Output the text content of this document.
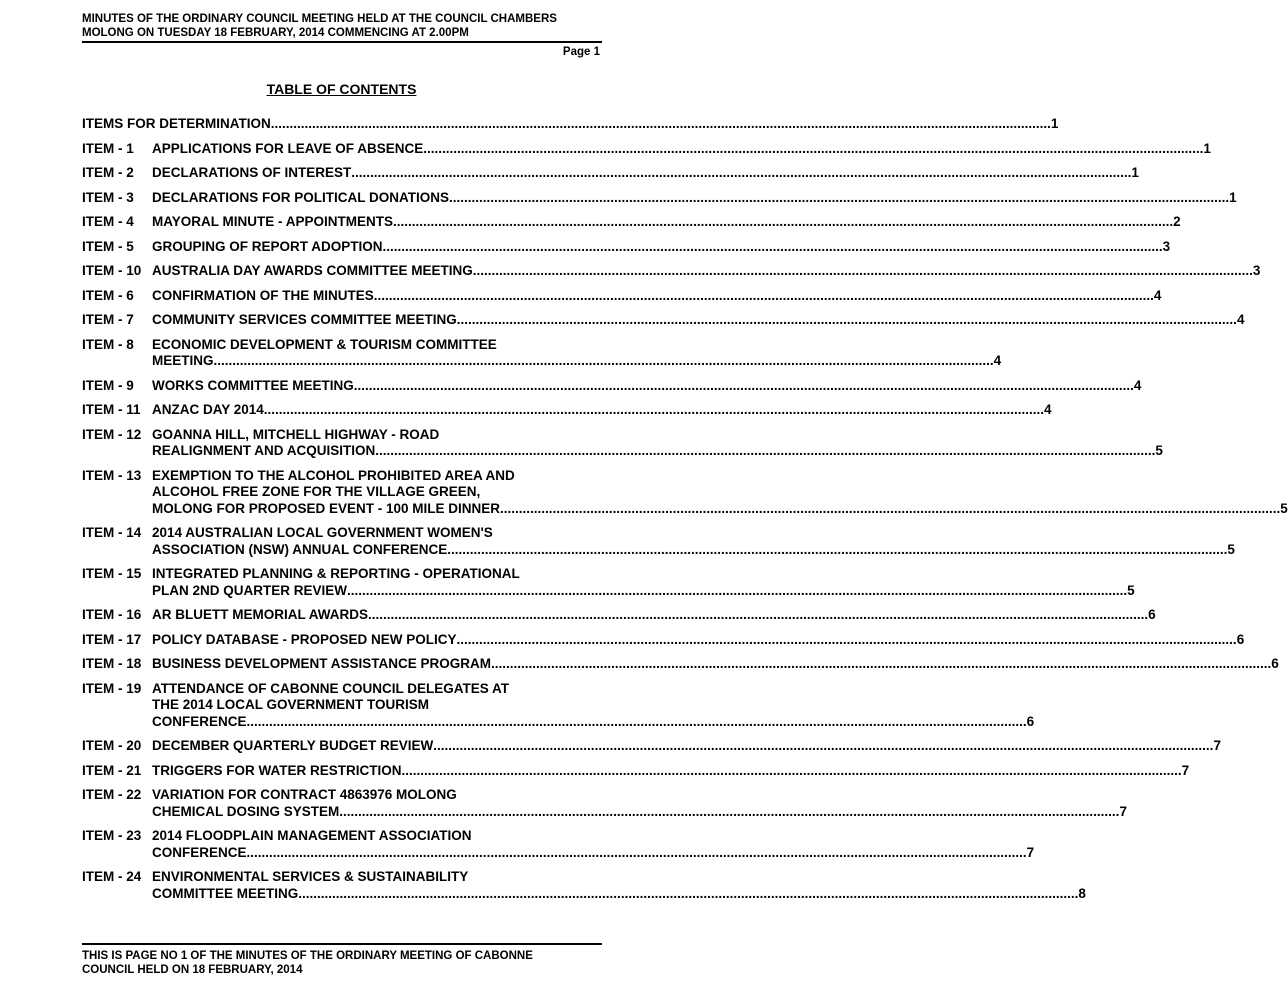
MINUTES OF THE ORDINARY COUNCIL MEETING HELD AT THE COUNCIL CHAMBERS
MOLONG ON TUESDAY 18 FEBRUARY, 2014 COMMENCING AT 2.00PM
Page 1
TABLE OF CONTENTS
ITEMS FOR DETERMINATION .....	1
ITEM - 1	APPLICATIONS FOR LEAVE OF ABSENCE .....	1
ITEM - 2	DECLARATIONS OF INTEREST .....	1
ITEM - 3	DECLARATIONS FOR POLITICAL DONATIONS .....	1
ITEM - 4	MAYORAL MINUTE - APPOINTMENTS .....	2
ITEM - 5	GROUPING OF REPORT ADOPTION .....	3
ITEM - 10 AUSTRALIA DAY AWARDS COMMITTEE MEETING .....	3
ITEM - 6	CONFIRMATION OF THE MINUTES .....	4
ITEM - 7	COMMUNITY SERVICES COMMITTEE MEETING .....	4
ITEM - 8	ECONOMIC DEVELOPMENT & TOURISM COMMITTEE
MEETING .....	4
ITEM - 9	WORKS COMMITTEE MEETING .....	4
ITEM - 11 ANZAC DAY 2014 .....	4
ITEM - 12 GOANNA HILL, MITCHELL HIGHWAY - ROAD
REALIGNMENT AND ACQUISITION .....	5
ITEM - 13 EXEMPTION TO THE ALCOHOL PROHIBITED AREA AND
ALCOHOL FREE ZONE FOR THE VILLAGE GREEN,
MOLONG FOR PROPOSED EVENT - 100 MILE DINNER .....	5
ITEM - 14 2014 AUSTRALIAN LOCAL GOVERNMENT WOMEN'S
ASSOCIATION (NSW) ANNUAL CONFERENCE .....	5
ITEM - 15 INTEGRATED PLANNING & REPORTING - OPERATIONAL
PLAN 2ND QUARTER REVIEW .....	5
ITEM - 16 AR BLUETT MEMORIAL AWARDS .....	6
ITEM - 17 POLICY DATABASE - PROPOSED NEW POLICY .....	6
ITEM - 18 BUSINESS DEVELOPMENT ASSISTANCE PROGRAM .....	6
ITEM - 19 ATTENDANCE OF CABONNE COUNCIL DELEGATES AT
THE 2014 LOCAL GOVERNMENT TOURISM
CONFERENCE .....	6
ITEM - 20 DECEMBER QUARTERLY BUDGET REVIEW .....	7
ITEM - 21 TRIGGERS FOR WATER RESTRICTION .....	7
ITEM - 22 VARIATION FOR CONTRACT 4863976 MOLONG
CHEMICAL DOSING SYSTEM .....	7
ITEM - 23 2014 FLOODPLAIN MANAGEMENT ASSOCIATION
CONFERENCE .....	7
ITEM - 24 ENVIRONMENTAL SERVICES & SUSTAINABILITY
COMMITTEE MEETING .....	8
THIS IS PAGE NO 1 OF THE MINUTES OF THE ORDINARY MEETING OF CABONNE
COUNCIL HELD ON 18 FEBRUARY, 2014
